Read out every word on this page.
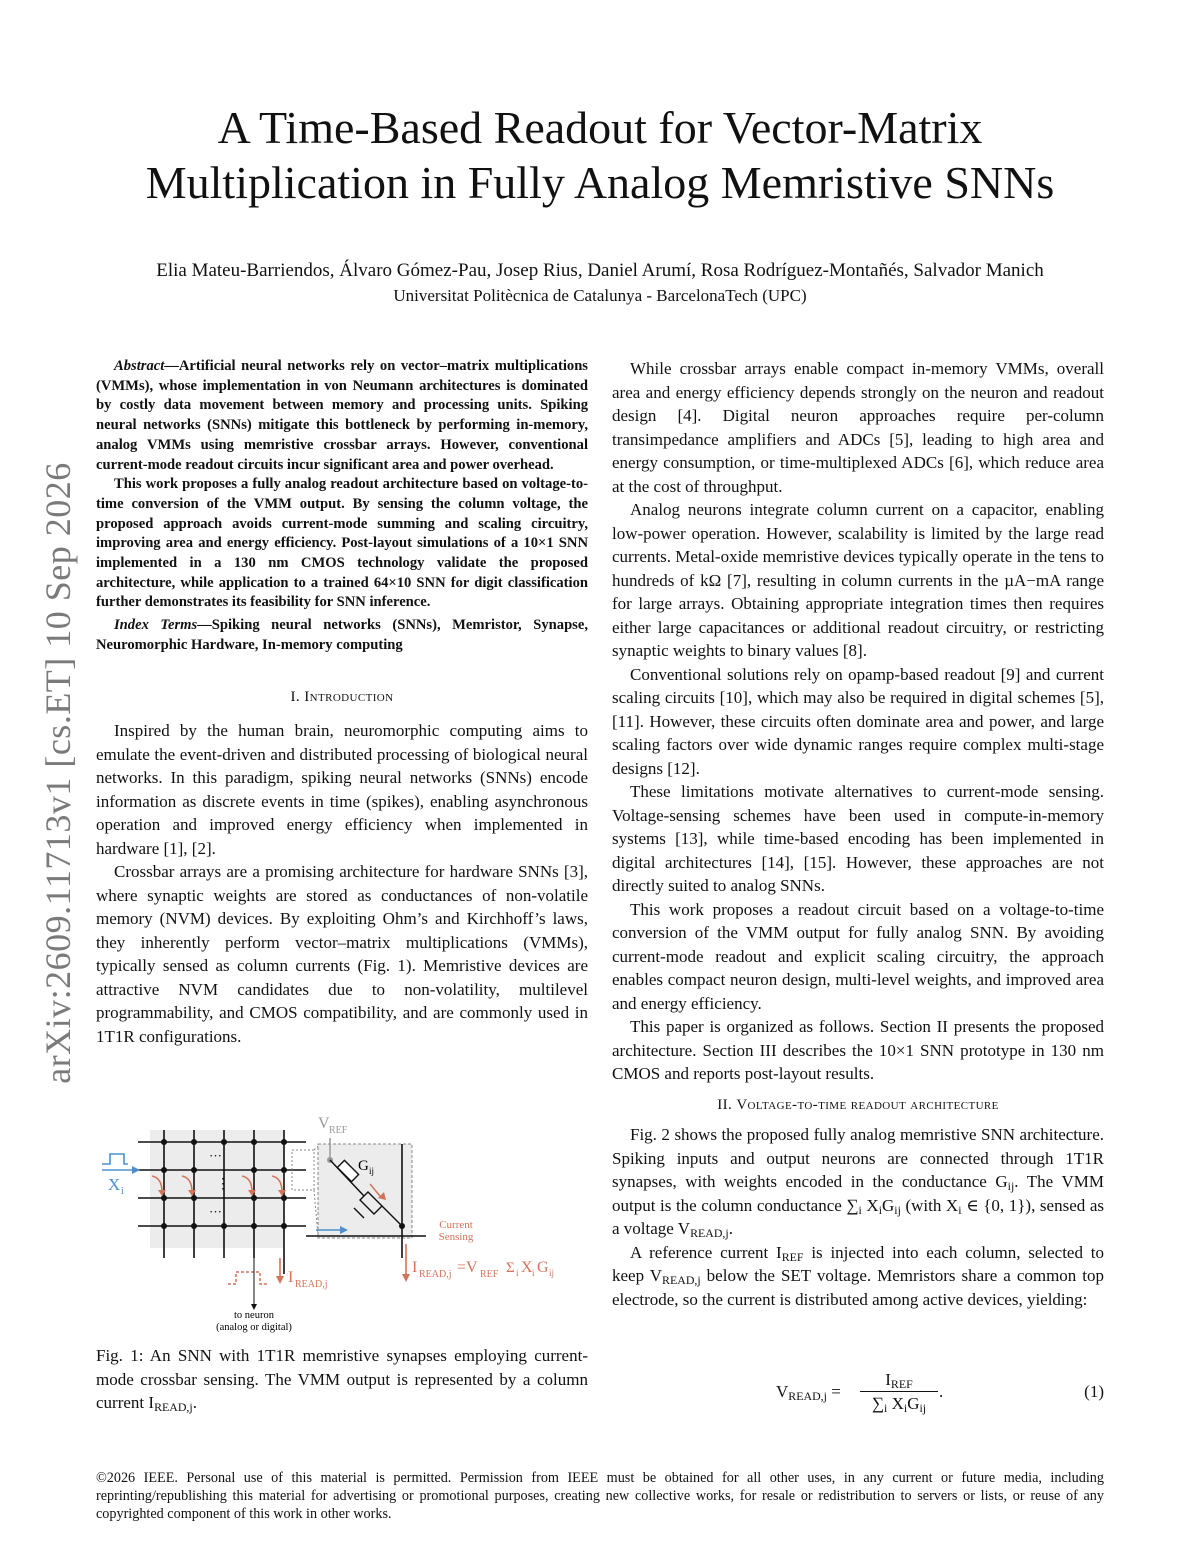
arXiv:2609.11713v1 [cs.ET] 10 Sep 2026
A Time-Based Readout for Vector-Matrix
Multiplication in Fully Analog Memristive SNNs
Elia Mateu-Barriendos, Álvaro Gómez-Pau, Josep Rius, Daniel Arumí, Rosa Rodríguez-Montañés, Salvador Manich
Universitat Politècnica de Catalunya - BarcelonaTech (UPC)

Abstract—Artificial neural networks rely on vector–matrix multiplications (VMMs), whose implementation in von Neumann architectures is dominated by costly data movement between memory and processing units. Spiking neural networks (SNNs) mitigate this bottleneck by performing in-memory, analog VMMs using memristive crossbar arrays. However, conventional current-mode readout circuits incur significant area and power overhead.

This work proposes a fully analog readout architecture based on voltage-to-time conversion of the VMM output. By sensing the column voltage, the proposed approach avoids current-mode summing and scaling circuitry, improving area and energy efficiency. Post-layout simulations of a 10×1 SNN implemented in a 130 nm CMOS technology validate the proposed architecture, while application to a trained 64×10 SNN for digit classification further demonstrates its feasibility for SNN inference.

Index Terms—Spiking neural networks (SNNs), Memristor, Synapse, Neuromorphic Hardware, In-memory computing

I. Introduction

Inspired by the human brain, neuromorphic computing aims to emulate the event-driven and distributed processing of biological neural networks. In this paradigm, spiking neural networks (SNNs) encode information as discrete events in time (spikes), enabling asynchronous operation and improved energy efficiency when implemented in hardware [1], [2].

Crossbar arrays are a promising architecture for hardware SNNs [3], where synaptic weights are stored as conductances of non-volatile memory (NVM) devices. By exploiting Ohm’s and Kirchhoff’s laws, they inherently perform vector–matrix multiplications (VMMs), typically sensed as column currents (Fig. 1). Memristive devices are attractive NVM candidates due to non-volatility, multilevel programmability, and CMOS compatibility, and are commonly used in 1T1R configurations.

···
···
⋮
X i
I READ,j
to neuron
(analog or digital)
V REF
G ij
Current
Sensing
I READ,j =V REF Σ i X i G ij
Fig. 1: An SNN with 1T1R memristive synapses employing current-mode crossbar sensing. The VMM output is represented by a column current $I_{READ,j}$.

While crossbar arrays enable compact in-memory VMMs, overall area and energy efficiency depends strongly on the neuron and readout design [4]. Digital neuron approaches require per-column transimpedance amplifiers and ADCs [5], leading to high area and energy consumption, or time-multiplexed ADCs [6], which reduce area at the cost of throughput.

Analog neurons integrate column current on a capacitor, enabling low-power operation. However, scalability is limited by the large read currents. Metal-oxide memristive devices typically operate in the tens to hundreds of kΩ [7], resulting in column currents in the µA−mA range for large arrays. Obtaining appropriate integration times then requires either large capacitances or additional readout circuitry, or restricting synaptic weights to binary values [8].

Conventional solutions rely on opamp-based readout [9] and current scaling circuits [10], which may also be required in digital schemes [5], [11]. However, these circuits often dominate area and power, and large scaling factors over wide dynamic ranges require complex multi-stage designs [12].

These limitations motivate alternatives to current-mode sensing. Voltage-sensing schemes have been used in compute-in-memory systems [13], while time-based encoding has been implemented in digital architectures [14], [15]. However, these approaches are not directly suited to analog SNNs.

This work proposes a readout circuit based on a voltage-to-time conversion of the VMM output for fully analog SNN. By avoiding current-mode readout and explicit scaling circuitry, the approach enables compact neuron design, multi-level weights, and improved area and energy efficiency.

This paper is organized as follows. Section II presents the proposed architecture. Section III describes the 10×1 SNN prototype in 130 nm CMOS and reports post-layout results.

II. Voltage-to-time readout architecture

Fig. 2 shows the proposed fully analog memristive SNN architecture. Spiking inputs and output neurons are connected through 1T1R synapses, with weights encoded in the conductance $G_{ij}$. The VMM output is the column conductance $\sum_i$ $X_iG_{ij}$ (with $X_i$ ∈ {0, 1}), sensed as a voltage $V_{READ,j}$.

A reference current $I_{REF}$ is injected into each column, selected to keep $V_{READ,j}$ below the SET voltage. Memristors share a common top electrode, so the current is distributed among active devices, yielding:

$V_{READ,j}$ =
$I_{REF}$
$\sum_i$ $X_iG_{ij}$
.	(1)
©2026 IEEE. Personal use of this material is permitted. Permission from IEEE must be obtained for all other uses, in any current or future media, including reprinting/republishing this material for advertising or promotional purposes, creating new collective works, for resale or redistribution to servers or lists, or reuse of any copyrighted component of this work in other works.
